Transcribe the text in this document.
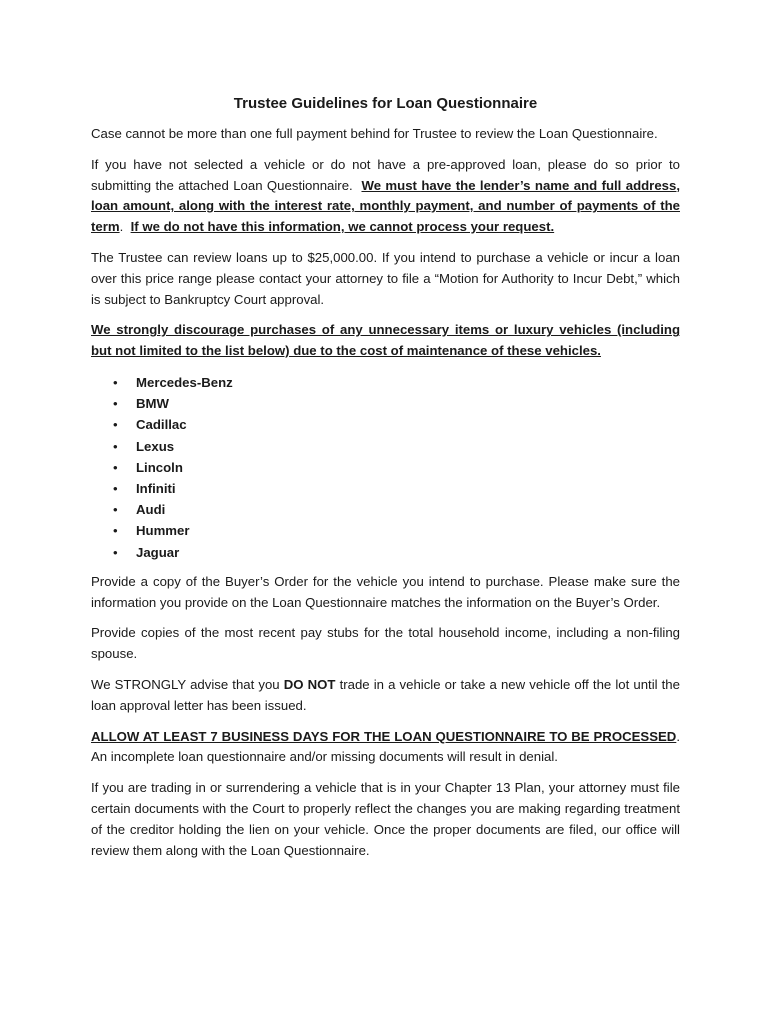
Trustee Guidelines for Loan Questionnaire

Case cannot be more than one full payment behind for Trustee to review the Loan Questionnaire.

If you have not selected a vehicle or do not have a pre-approved loan, please do so prior to submitting the attached Loan Questionnaire. We must have the lender’s name and full address, loan amount, along with the interest rate, monthly payment, and number of payments of the term. If we do not have this information, we cannot process your request.

The Trustee can review loans up to $25,000.00. If you intend to purchase a vehicle or incur a loan over this price range please contact your attorney to file a “Motion for Authority to Incur Debt,” which is subject to Bankruptcy Court approval.

We strongly discourage purchases of any unnecessary items or luxury vehicles (including but not limited to the list below) due to the cost of maintenance of these vehicles.

• Mercedes-Benz
• BMW
• Cadillac
• Lexus
• Lincoln
• Infiniti
• Audi
• Hummer
• Jaguar

Provide a copy of the Buyer’s Order for the vehicle you intend to purchase. Please make sure the information you provide on the Loan Questionnaire matches the information on the Buyer’s Order.

Provide copies of the most recent pay stubs for the total household income, including a non-filing spouse.

We STRONGLY advise that you DO NOT trade in a vehicle or take a new vehicle off the lot until the loan approval letter has been issued.

ALLOW AT LEAST 7 BUSINESS DAYS FOR THE LOAN QUESTIONNAIRE TO BE PROCESSED. An incomplete loan questionnaire and/or missing documents will result in denial.

If you are trading in or surrendering a vehicle that is in your Chapter 13 Plan, your attorney must file certain documents with the Court to properly reflect the changes you are making regarding treatment of the creditor holding the lien on your vehicle. Once the proper documents are filed, our office will review them along with the Loan Questionnaire.
